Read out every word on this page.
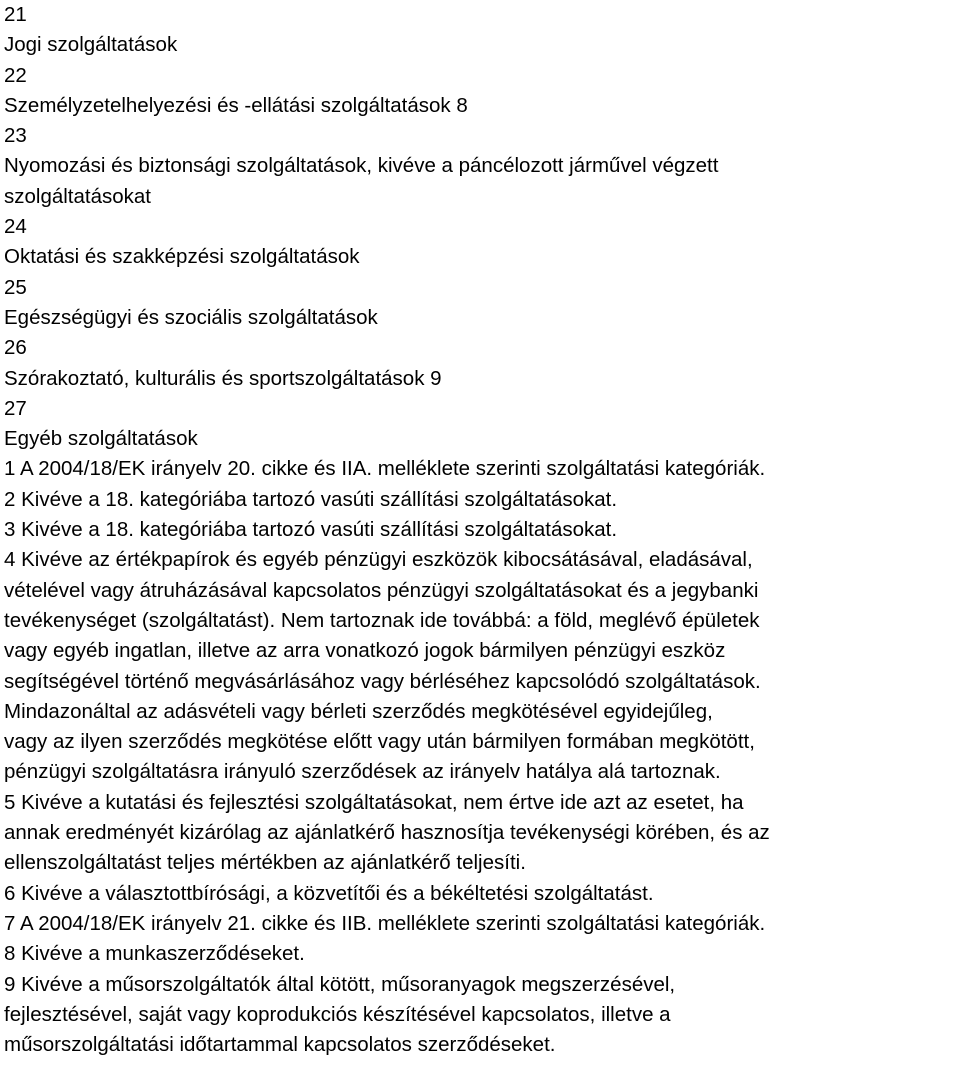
21
Jogi szolgáltatások
22
Személyzetelhelyezési és -ellátási szolgáltatások 8
23
Nyomozási és biztonsági szolgáltatások, kivéve a páncélozott járművel végzett
szolgáltatásokat
24
Oktatási és szakképzési szolgáltatások
25
Egészségügyi és szociális szolgáltatások
26
Szórakoztató, kulturális és sportszolgáltatások 9
27
Egyéb szolgáltatások
1 A 2004/18/EK irányelv 20. cikke és IIA. melléklete szerinti szolgáltatási kategóriák.
2 Kivéve a 18. kategóriába tartozó vasúti szállítási szolgáltatásokat.
3 Kivéve a 18. kategóriába tartozó vasúti szállítási szolgáltatásokat.
4 Kivéve az értékpapírok és egyéb pénzügyi eszközök kibocsátásával, eladásával,
vételével vagy átruházásával kapcsolatos pénzügyi szolgáltatásokat és a jegybanki
tevékenységet (szolgáltatást). Nem tartoznak ide továbbá: a föld, meglévő épületek
vagy egyéb ingatlan, illetve az arra vonatkozó jogok bármilyen pénzügyi eszköz
segítségével történő megvásárlásához vagy bérléséhez kapcsolódó szolgáltatások.
Mindazonáltal az adásvételi vagy bérleti szerződés megkötésével egyidejűleg,
vagy az ilyen szerződés megkötése előtt vagy után bármilyen formában megkötött,
pénzügyi szolgáltatásra irányuló szerződések az irányelv hatálya alá tartoznak.
5 Kivéve a kutatási és fejlesztési szolgáltatásokat, nem értve ide azt az esetet, ha
annak eredményét kizárólag az ajánlatkérő hasznosítja tevékenységi körében, és az
ellenszolgáltatást teljes mértékben az ajánlatkérő teljesíti.
6 Kivéve a választottbírósági, a közvetítői és a békéltetési szolgáltatást.
7 A 2004/18/EK irányelv 21. cikke és IIB. melléklete szerinti szolgáltatási kategóriák.
8 Kivéve a munkaszerződéseket.
9 Kivéve a műsorszolgáltatók által kötött, műsoranyagok megszerzésével,
fejlesztésével, saját vagy koprodukciós készítésével kapcsolatos, illetve a
műsorszolgáltatási időtartammal kapcsolatos szerződéseket.
